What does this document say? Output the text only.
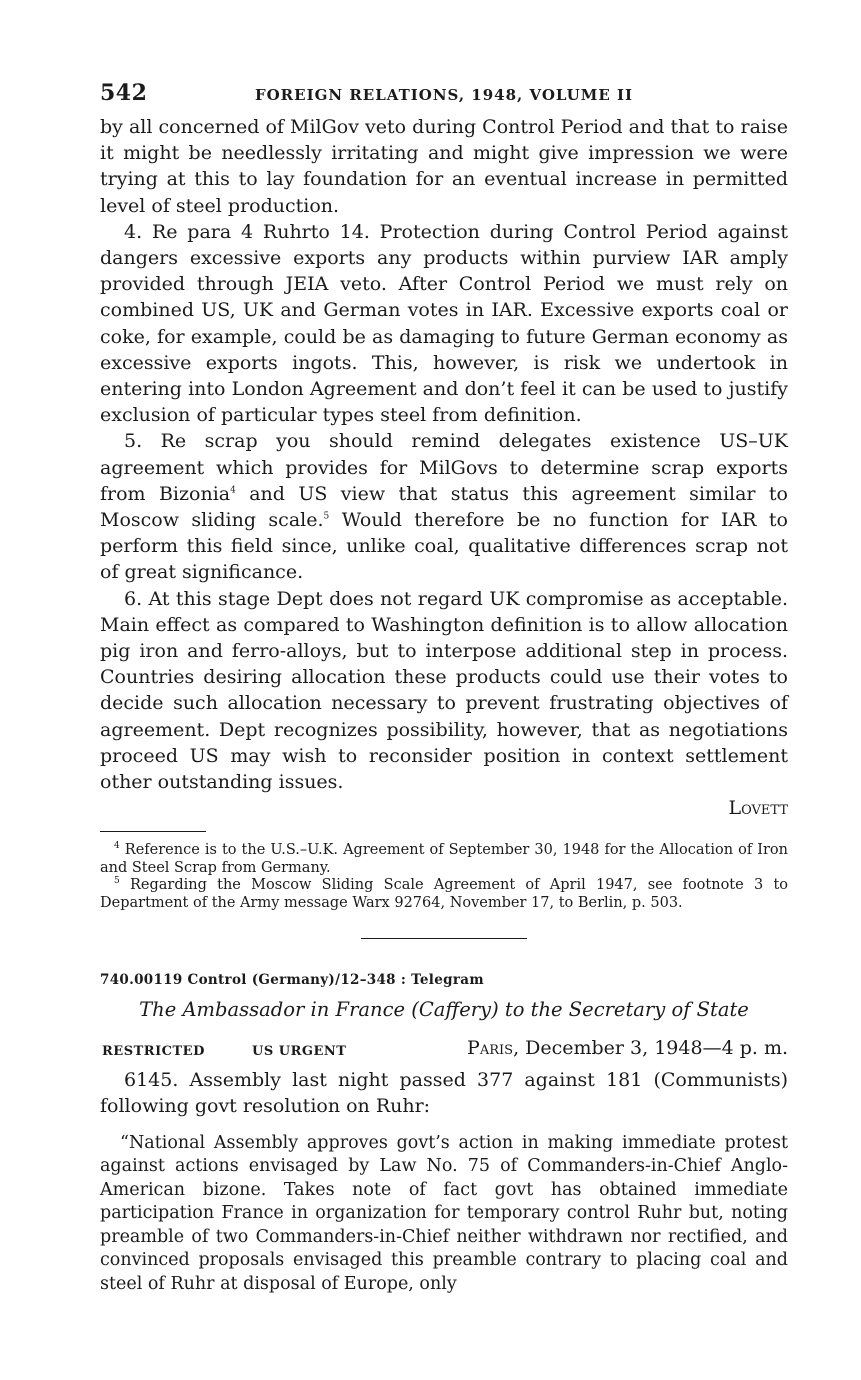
542	FOREIGN RELATIONS, 1948, VOLUME II

by all concerned of MilGov veto during Control Period and that to raise it might be needlessly irritating and might give impression we were trying at this to lay foundation for an eventual increase in permitted level of steel production.

4. Re para 4 Ruhrto 14. Protection during Control Period against dangers excessive exports any products within purview IAR amply provided through JEIA veto. After Control Period we must rely on combined US, UK and German votes in IAR. Excessive exports coal or coke, for example, could be as damaging to future German economy as excessive exports ingots. This, however, is risk we undertook in entering into London Agreement and don’t feel it can be used to justify exclusion of particular types steel from definition.

5. Re scrap you should remind delegates existence US–UK agreement which provides for MilGovs to determine scrap exports from Bizonia$^4$ and US view that status this agreement similar to Moscow sliding scale.$^5$ Would therefore be no function for IAR to perform this field since, unlike coal, qualitative differences scrap not of great significance.

6. At this stage Dept does not regard UK compromise as acceptable. Main effect as compared to Washington definition is to allow allocation pig iron and ferro-alloys, but to interpose additional step in process. Countries desiring allocation these products could use their votes to decide such allocation necessary to prevent frustrating objectives of agreement. Dept recognizes possibility, however, that as negotiations proceed US may wish to reconsider position in context settlement other outstanding issues.

Lovett

$^4$ Reference is to the U.S.–U.K. Agreement of September 30, 1948 for the Allocation of Iron and Steel Scrap from Germany.

$^5$ Regarding the Moscow Sliding Scale Agreement of April 1947, see footnote 3 to Department of the Army message Warx 92764, November 17, to Berlin, p. 503.

740.00119 Control (Germany)/12–348 : Telegram

The Ambassador in France (Caffery) to the Secretary of State

RESTRICTED	US URGENT	Paris, December 3, 1948—4 p. m.

6145. Assembly last night passed 377 against 181 (Communists) following govt resolution on Ruhr:

“National Assembly approves govt’s action in making immediate protest against actions envisaged by Law No. 75 of Commanders-in-Chief Anglo-American bizone. Takes note of fact govt has obtained immediate participation France in organization for temporary control Ruhr but, noting preamble of two Commanders-in-Chief neither withdrawn nor rectified, and convinced proposals envisaged this preamble contrary to placing coal and steel of Ruhr at disposal of Europe, only
